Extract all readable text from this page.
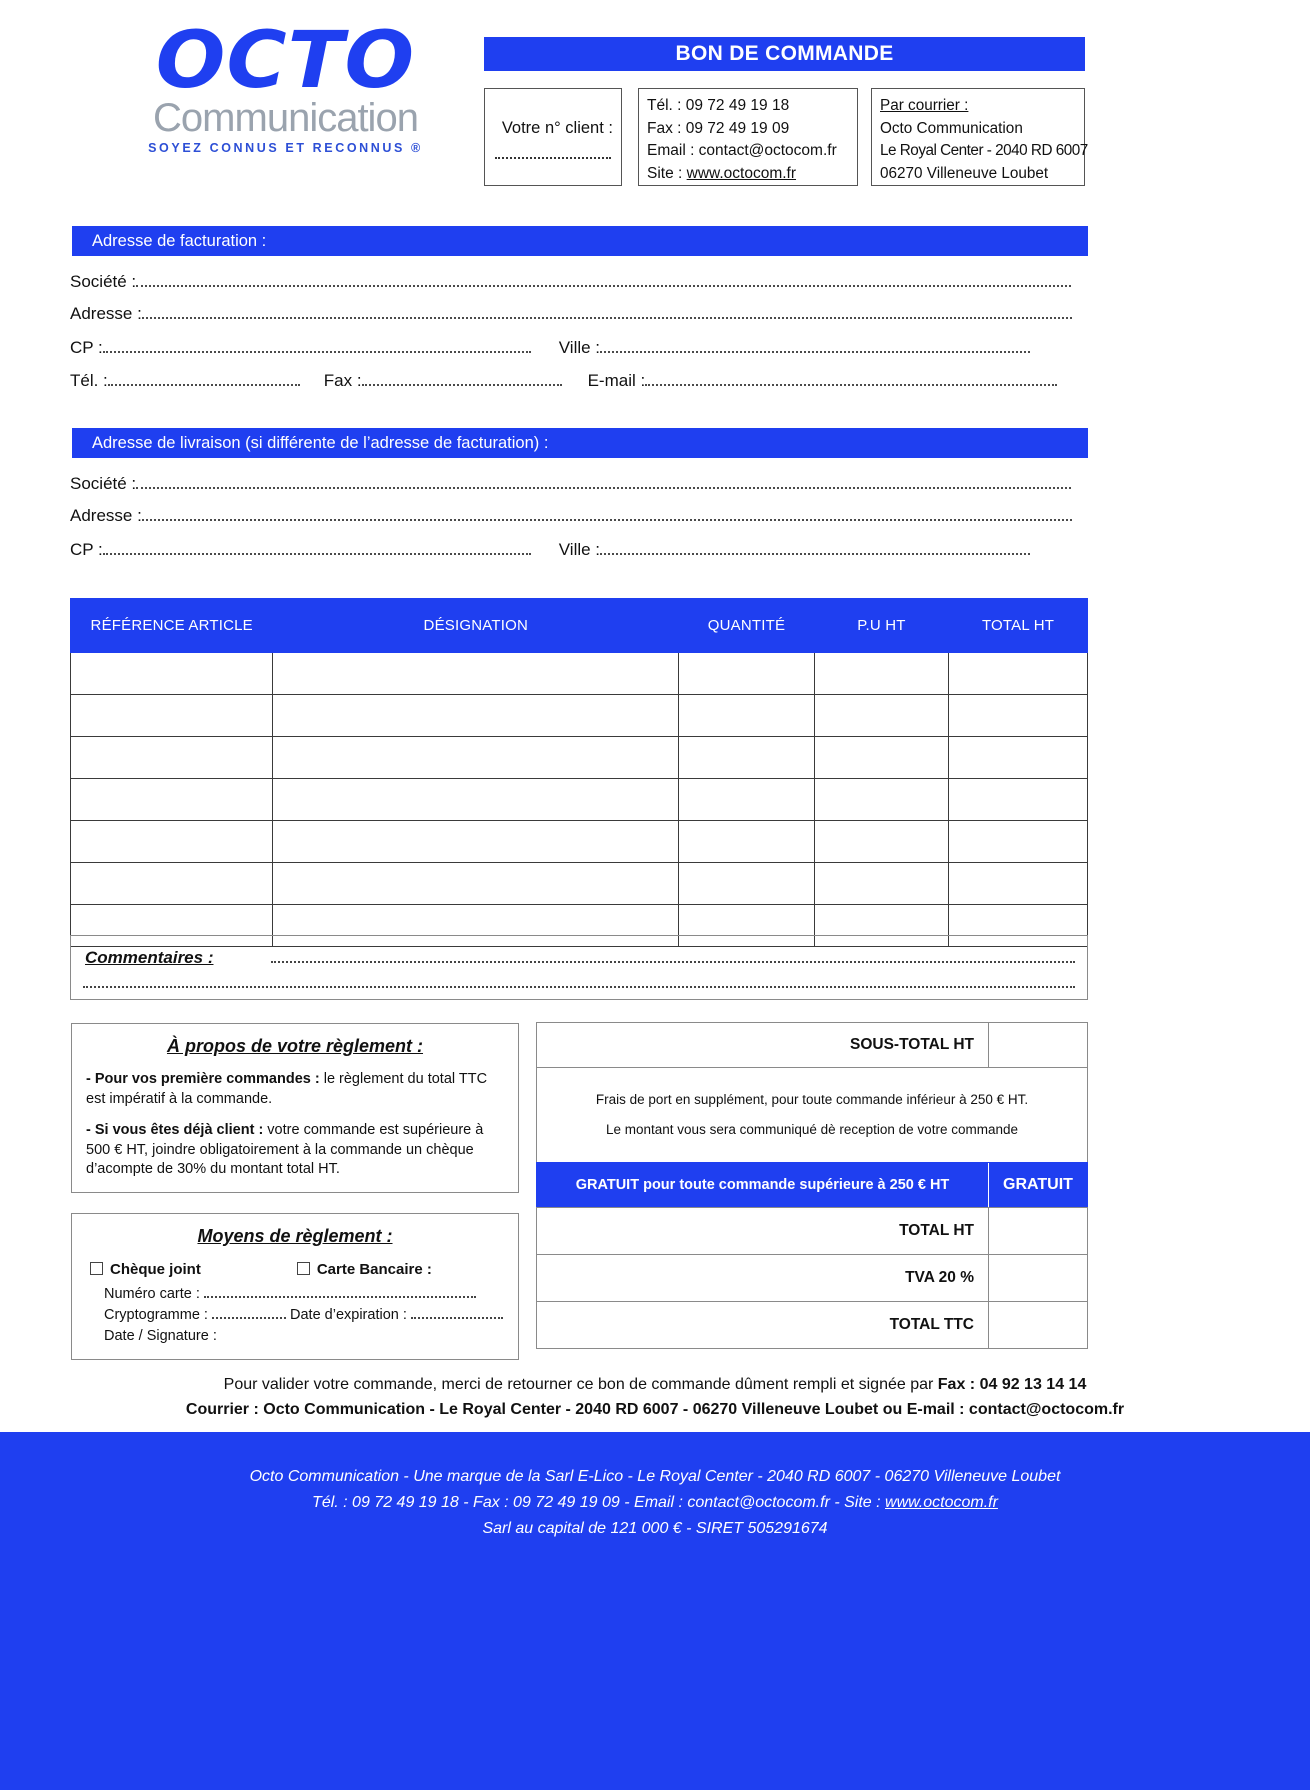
OCTO
Communication
SOYEZ CONNUS ET RECONNUS ®
BON DE COMMANDE
Votre n° client :
Tél. : 09 72 49 19 18
Fax : 09 72 49 19 09
Email : contact@octocom.fr
Site : www.octocom.fr
Par courrier :
Octo Communication
Le Royal Center - 2040 RD 6007
06270 Villeneuve Loubet
Adresse de facturation :
Société :
Adresse :
CP :	Ville :
Tél. :	Fax :	E-mail :
Adresse de livraison (si différente de l’adresse de facturation) :
Société :
Adresse :
CP :	Ville :
RÉFÉRENCE ARTICLE	DÉSIGNATION	QUANTITÉ	P.U HT	TOTAL HT

Commentaires :
À propos de votre règlement :
- Pour vos première commandes : le règlement du total TTC est impératif à la commande.
- Si vous êtes déjà client : votre commande est supérieure à 500 € HT, joindre obligatoirement à la commande un chèque d’acompte de 30% du montant total HT.
Moyens de règlement :
Chèque joint	Carte Bancaire :
Numéro carte :
Cryptogramme :	Date d’expiration :
Date / Signature :
SOUS-TOTAL HT

Frais de port en supplément, pour toute commande inférieur à 250 € HT.

Le montant vous sera communiqué dè reception de votre commande

GRATUIT pour toute commande supérieure à 250 € HT	GRATUIT
TOTAL HT
TVA 20 %
TOTAL TTC
Pour valider votre commande, merci de retourner ce bon de commande dûment rempli et signée par Fax : 04 92 13 14 14
Courrier : Octo Communication - Le Royal Center - 2040 RD 6007 - 06270 Villeneuve Loubet ou E-mail : contact@octocom.fr
Octo Communication - Une marque de la Sarl E-Lico - Le Royal Center - 2040 RD 6007 - 06270 Villeneuve Loubet
Tél. : 09 72 49 19 18 - Fax : 09 72 49 19 09 - Email : contact@octocom.fr - Site : www.octocom.fr
Sarl au capital de 121 000 € - SIRET 505291674
